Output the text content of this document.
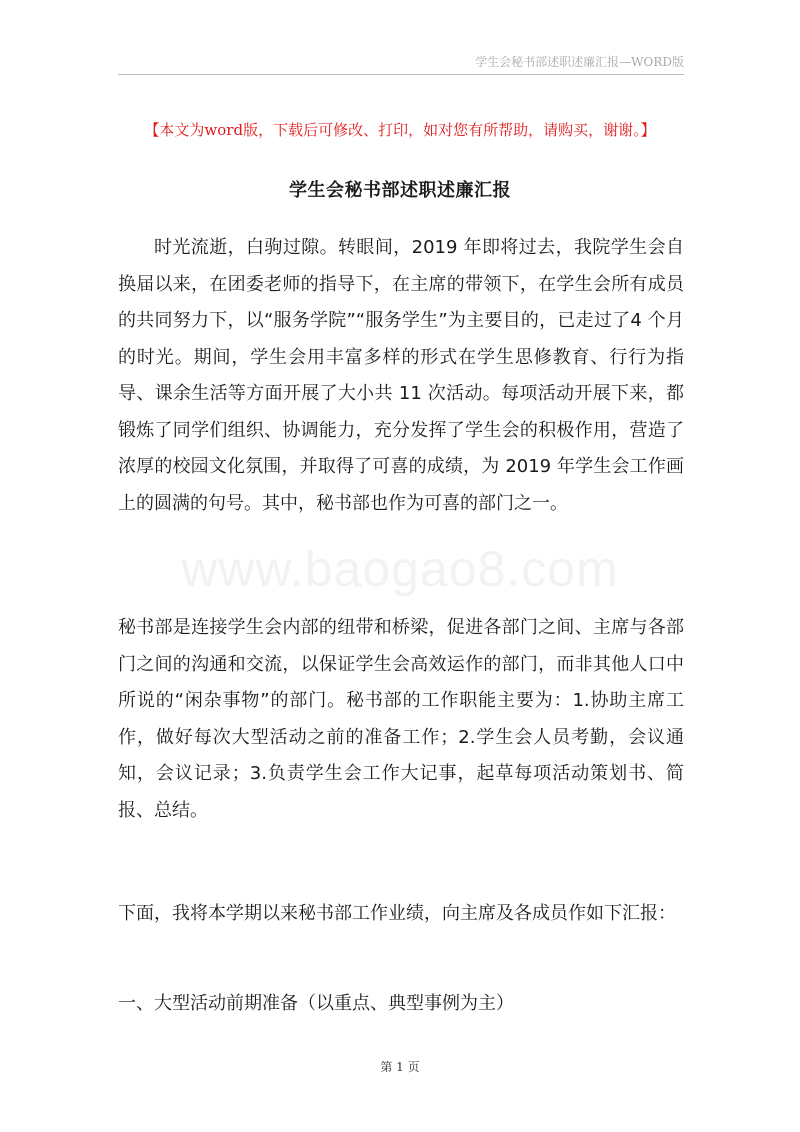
学生会秘书部述职述廉汇报—WORD版
【本文为word版，下载后可修改、打印，如对您有所帮助，请购买，谢谢。】
学生会秘书部述职述廉汇报

时光流逝，白驹过隙。转眼间，2019 年即将过去，我院学生会自换届以来，在团委老师的指导下，在主席的带领下，在学生会所有成员的共同努力下，以“服务学院”“服务学生”为主要目的，已走过了4 个月的时光。期间，学生会用丰富多样的形式在学生思修教育、行行为指导、课余生活等方面开展了大小共 11 次活动。每项活动开展下来，都锻炼了同学们组织、协调能力，充分发挥了学生会的积极作用，营造了浓厚的校园文化氛围，并取得了可喜的成绩，为 2019 年学生会工作画上的圆满的句号。其中，秘书部也作为可喜的部门之一。

www.baogao8.com

秘书部是连接学生会内部的纽带和桥梁，促进各部门之间、主席与各部门之间的沟通和交流，以保证学生会高效运作的部门，而非其他人口中所说的“闲杂事物”的部门。秘书部的工作职能主要为：1.协助主席工作，做好每次大型活动之前的准备工作；2.学生会人员考勤，会议通知，会议记录；3.负责学生会工作大记事，起草每项活动策划书、简报、总结。

下面，我将本学期以来秘书部工作业绩，向主席及各成员作如下汇报：

一、大型活动前期准备（以重点、典型事例为主）

第 1 页
